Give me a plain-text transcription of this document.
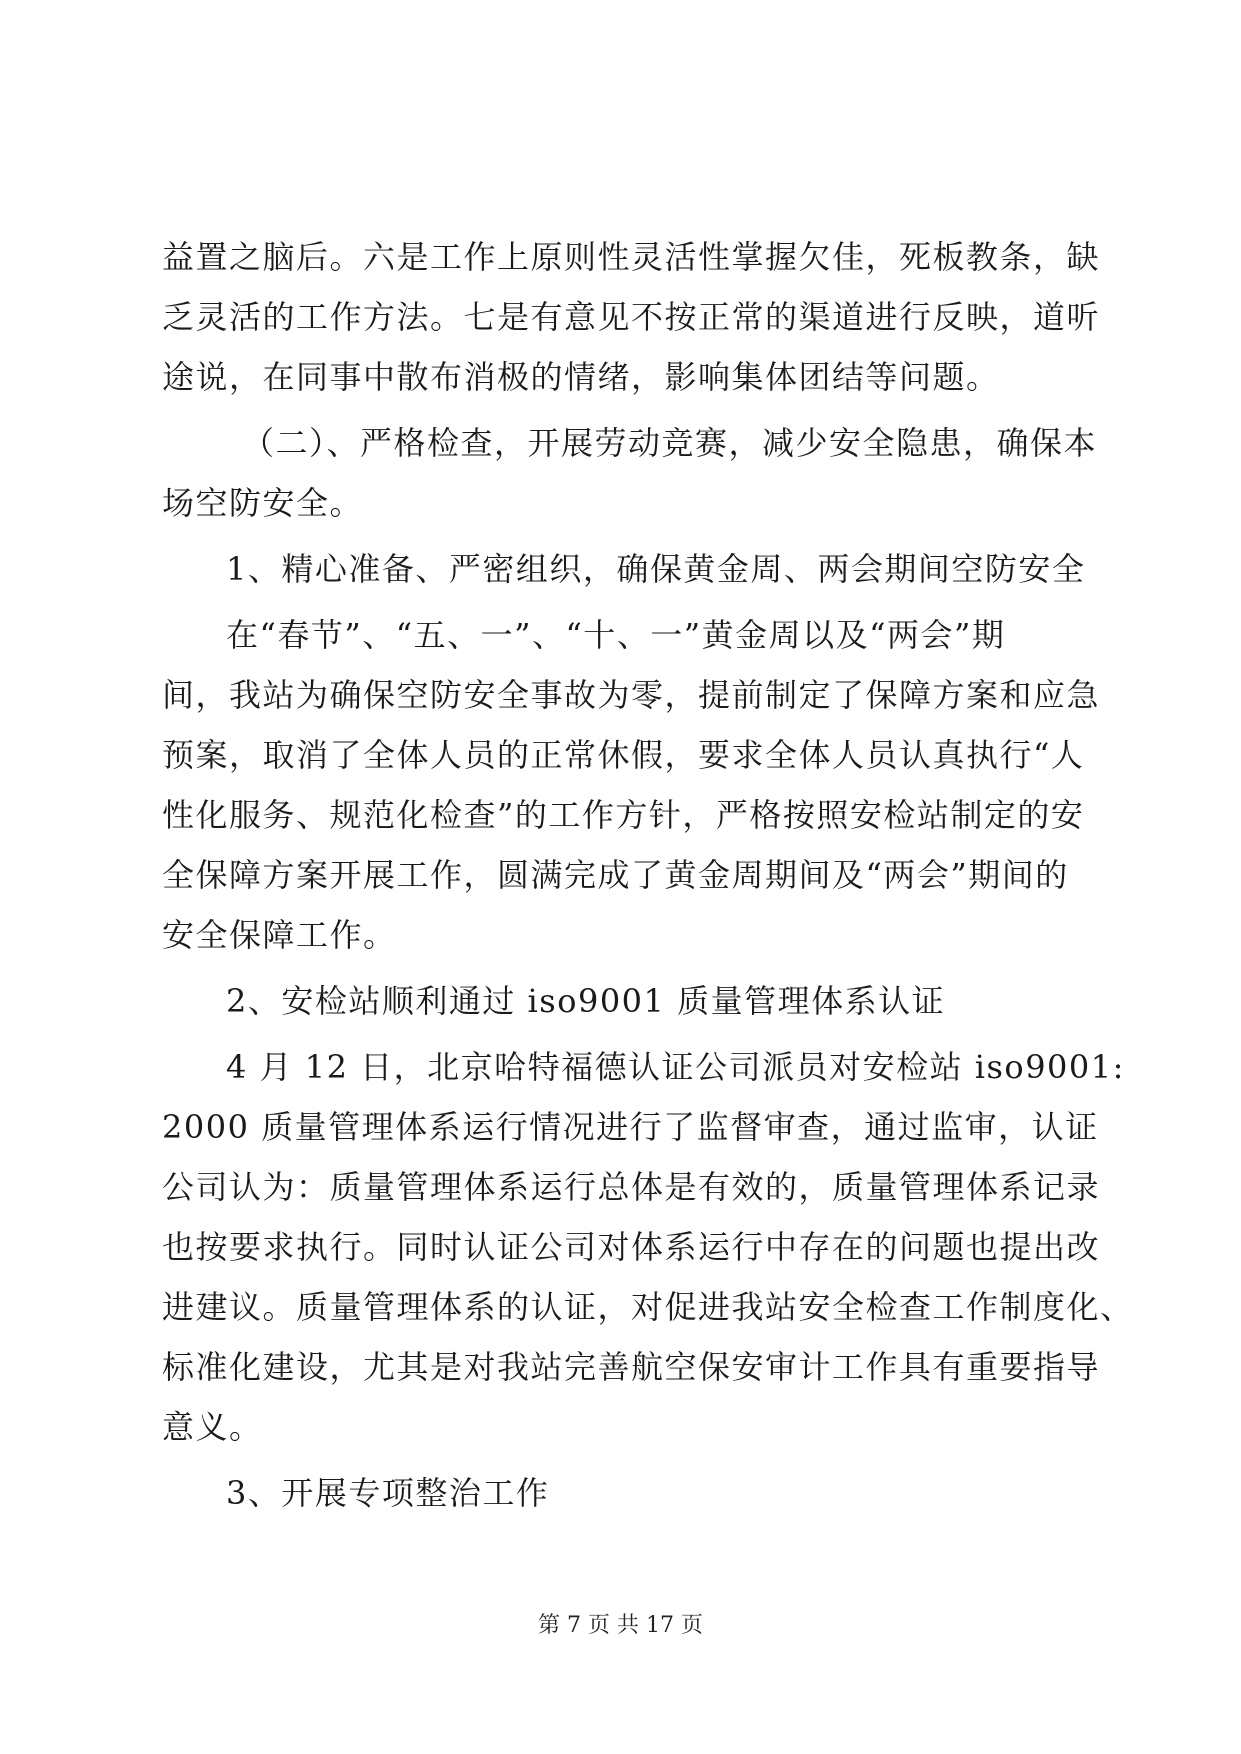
益置之脑后。六是工作上原则性灵活性掌握欠佳，死板教条，缺
乏灵活的工作方法。七是有意见不按正常的渠道进行反映，道听
途说，在同事中散布消极的情绪，影响集体团结等问题。
（二）、严格检查，开展劳动竞赛，减少安全隐患，确保本
场空防安全。
1、精心准备、严密组织，确保黄金周、两会期间空防安全
在“春节”、“五、一”、“十、一”黄金周以及“两会”期
间，我站为确保空防安全事故为零，提前制定了保障方案和应急
预案，取消了全体人员的正常休假，要求全体人员认真执行“人
性化服务、规范化检查”的工作方针，严格按照安检站制定的安
全保障方案开展工作，圆满完成了黄金周期间及“两会”期间的
安全保障工作。
2、安检站顺利通过 iso9001 质量管理体系认证
4 月 12 日，北京哈特福德认证公司派员对安检站 iso9001:
2000 质量管理体系运行情况进行了监督审查，通过监审，认证
公司认为：质量管理体系运行总体是有效的，质量管理体系记录
也按要求执行。同时认证公司对体系运行中存在的问题也提出改
进建议。质量管理体系的认证，对促进我站安全检查工作制度化、
标准化建设，尤其是对我站完善航空保安审计工作具有重要指导
意义。
3、开展专项整治工作
第 7 页 共 17 页
